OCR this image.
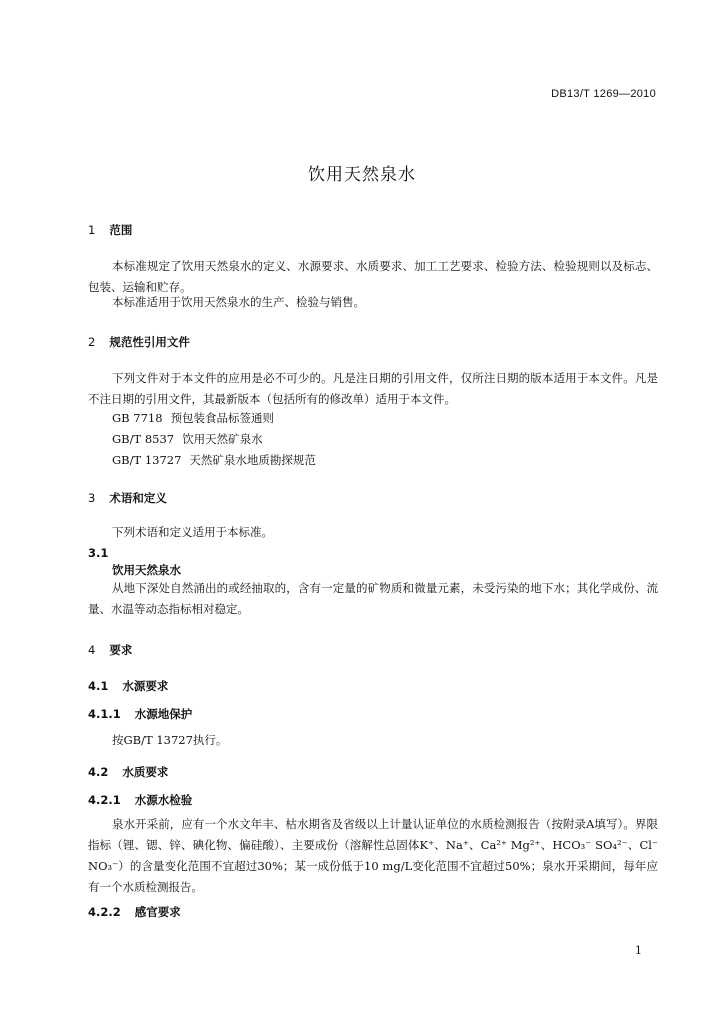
DB13/T 1269—2010
饮用天然泉水
1 范围
本标准规定了饮用天然泉水的定义、水源要求、水质要求、加工工艺要求、检验方法、检验规则以及标志、包装、运输和贮存。
本标准适用于饮用天然泉水的生产、检验与销售。
2 规范性引用文件
下列文件对于本文件的应用是必不可少的。凡是注日期的引用文件，仅所注日期的版本适用于本文件。凡是不注日期的引用文件，其最新版本（包括所有的修改单）适用于本文件。
GB 7718 预包装食品标签通则
GB/T 8537 饮用天然矿泉水
GB/T 13727 天然矿泉水地质勘探规范
3 术语和定义
下列术语和定义适用于本标准。
3.1
饮用天然泉水
从地下深处自然涌出的或经抽取的，含有一定量的矿物质和微量元素，未受污染的地下水；其化学成份、流量、水温等动态指标相对稳定。
4 要求
4.1 水源要求
4.1.1 水源地保护
按GB/T 13727执行。
4.2 水质要求
4.2.1 水源水检验
泉水开采前，应有一个水文年丰、枯水期省及省级以上计量认证单位的水质检测报告（按附录A填写）。界限指标（锂、锶、锌、碘化物、偏硅酸）、主要成份（溶解性总固体K⁺、Na⁺、Ca²⁺ Mg²⁺、HCO₃⁻ SO₄²⁻、Cl⁻ NO₃⁻）的含量变化范围不宜超过30%；某一成份低于10 mg/L变化范围不宜超过50%；泉水开采期间，每年应有一个水质检测报告。
4.2.2 感官要求
1
